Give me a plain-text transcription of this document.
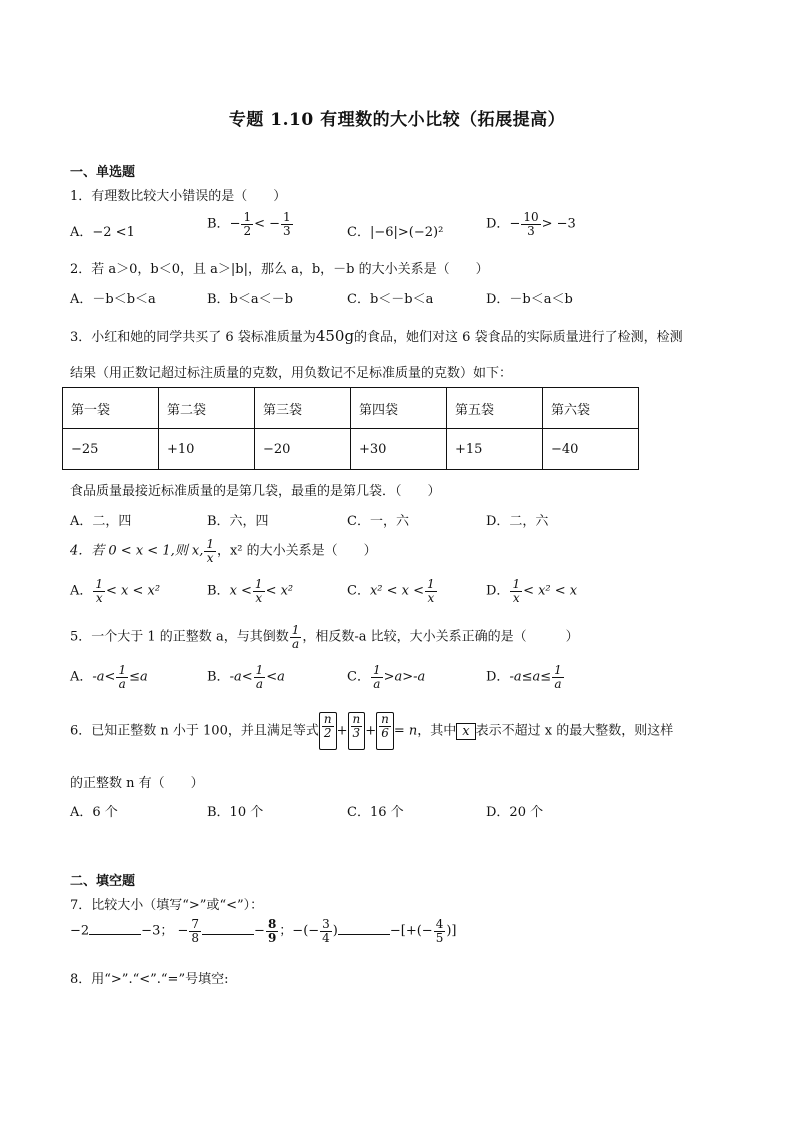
专题 1.10 有理数的大小比较（拓展提高）
一、单选题
1．有理数比较大小错误的是（　　）
A．−2 <1
B．− $\frac{1}{2}$ < − $\frac{1}{3}$	C．|−6|>(−2)²
D．− $\frac{10}{3} > -3$
2．若 a＞0，b＜0，且 a＞|b|，那么 a，b，－b 的大小关系是（　　）
A．－b＜b＜a	B．b＜a＜－b	C．b＜－b＜a	D．－b＜a＜b
3．小红和她的同学共买了 6 袋标准质量为450g的食品，她们对这 6 袋食品的实际质量进行了检测，检测
结果（用正数记超过标注质量的克数，用负数记不足标准质量的克数）如下：
第一袋	第二袋	第三袋	第四袋	第五袋	第六袋
−25	+10	−20	+30	+15	−40
食品质量最接近标准质量的是第几袋，最重的是第几袋．（　　）
A．二，四	B．六，四	C．一，六	D．二，六
4．若 0 < x < 1,则 x, $\frac{1}{x}$ ，x² 的大小关系是（　　）
A． $\frac{1}{x} < x < x^2$	B．$x < \frac{1}{x} < x^2$	C．$x^2 < x < \frac{1}{x}$	D． $\frac{1}{x} < x^2 < x$
5．一个大于 1 的正整数 a，与其倒数 $\frac{1}{a}$ ，相反数-a 比较，大小关系正确的是（　　　）
A．$-a< \frac{1}{a} \le a$	B．$-a< \frac{1}{a} <a$	C． $\frac{1}{a} >a>-a$	D．$-a\le a\le \frac{1}{a}$
6．已知正整数 n 小于 100，并且满足等式 $\frac{n}{2} + \frac{n}{3} + \frac{n}{6} = n$，其中 x 表示不超过 x 的最大整数，则这样
的正整数 n 有（　　）
A．6 个	B．10 个	C．16 个	D．20 个
二、填空题
7．比较大小（填写“>”或“<”）：
−2	−3； − $\frac{7}{8}$	− $\frac{8}{9}$ ；−(− $\frac{3}{4}$ )	−[+(− $\frac{4}{5}$ )]
8．用“>”.“<”.“=”号填空:
